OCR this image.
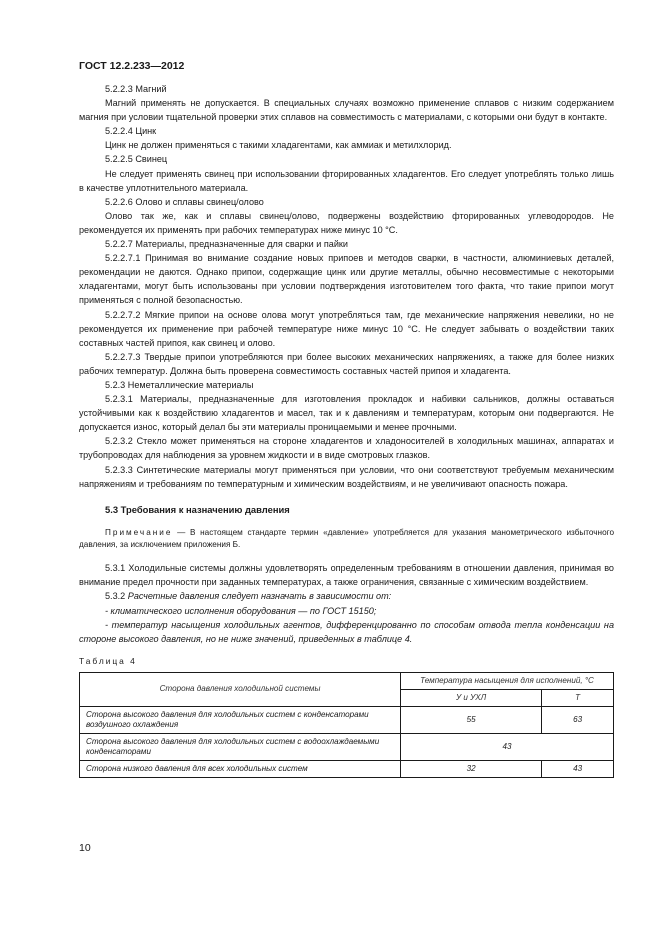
ГОСТ 12.2.233—2012

5.2.2.3 Магний

Магний применять не допускается. В специальных случаях возможно применение сплавов с низким содержанием магния при условии тщательной проверки этих сплавов на совместимость с материалами, с которыми они будут в контакте.

5.2.2.4 Цинк

Цинк не должен применяться с такими хладагентами, как аммиак и метилхлорид.

5.2.2.5 Свинец

Не следует применять свинец при использовании фторированных хладагентов. Его следует употреблять только лишь в качестве уплотнительного материала.

5.2.2.6 Олово и сплавы свинец/олово

Олово так же, как и сплавы свинец/олово, подвержены воздействию фторированных углеводородов. Не рекомендуется их применять при рабочих температурах ниже минус 10 °С.

5.2.2.7 Материалы, предназначенные для сварки и пайки

5.2.2.7.1 Принимая во внимание создание новых припоев и методов сварки, в частности, алюминиевых деталей, рекомендации не даются. Однако припои, содержащие цинк или другие металлы, обычно несовместимые с некоторыми хладагентами, могут быть использованы при условии подтверждения изготовителем того факта, что такие припои могут применяться с полной безопасностью.

5.2.2.7.2 Мягкие припои на основе олова могут употребляться там, где механические напряжения невелики, но не рекомендуется их применение при рабочей температуре ниже минус 10 °С. Не следует забывать о воздействии таких составных частей припоя, как свинец и олово.

5.2.2.7.3 Твердые припои употребляются при более высоких механических напряжениях, а также для более низких рабочих температур. Должна быть проверена совместимость составных частей припоя и хладагента.

5.2.3 Неметаллические материалы

5.2.3.1 Материалы, предназначенные для изготовления прокладок и набивки сальников, должны оставаться устойчивыми как к воздействию хладагентов и масел, так и к давлениям и температурам, которым они подвергаются. Не допускается износ, который делал бы эти материалы проницаемыми и менее прочными.

5.2.3.2 Стекло может применяться на стороне хладагентов и хладоносителей в холодильных машинах, аппаратах и трубопроводах для наблюдения за уровнем жидкости и в виде смотровых глазков.

5.2.3.3 Синтетические материалы могут применяться при условии, что они соответствуют требуемым механическим напряжениям и требованиям по температурным и химическим воздействиям, и не увеличивают опасность пожара.

5.3 Требования к назначению давления

Примечание — В настоящем стандарте термин «давление» употребляется для указания манометрического избыточного давления, за исключением приложения Б.

5.3.1 Холодильные системы должны удовлетворять определенным требованиям в отношении давления, принимая во внимание предел прочности при заданных температурах, а также ограничения, связанные с химическим воздействием.

5.3.2 Расчетные давления следует назначать в зависимости от:

- климатического исполнения оборудования — по ГОСТ 15150;

- температур насыщения холодильных агентов, дифференцированно по способам отвода тепла конденсации на стороне высокого давления, но не ниже значений, приведенных в таблице 4.

Таблица 4
Сторона давления холодильной системы	Температура насыщения для исполнений, °С	
	У и УХЛ	Т
Сторона высокого давления для холодильных систем с конденсаторами воздушного охлаждения	55	63
Сторона высокого давления для холодильных систем с водоохлаждаемыми конденсаторами	43	
Сторона низкого давления для всех холодильных систем	32	43
10
